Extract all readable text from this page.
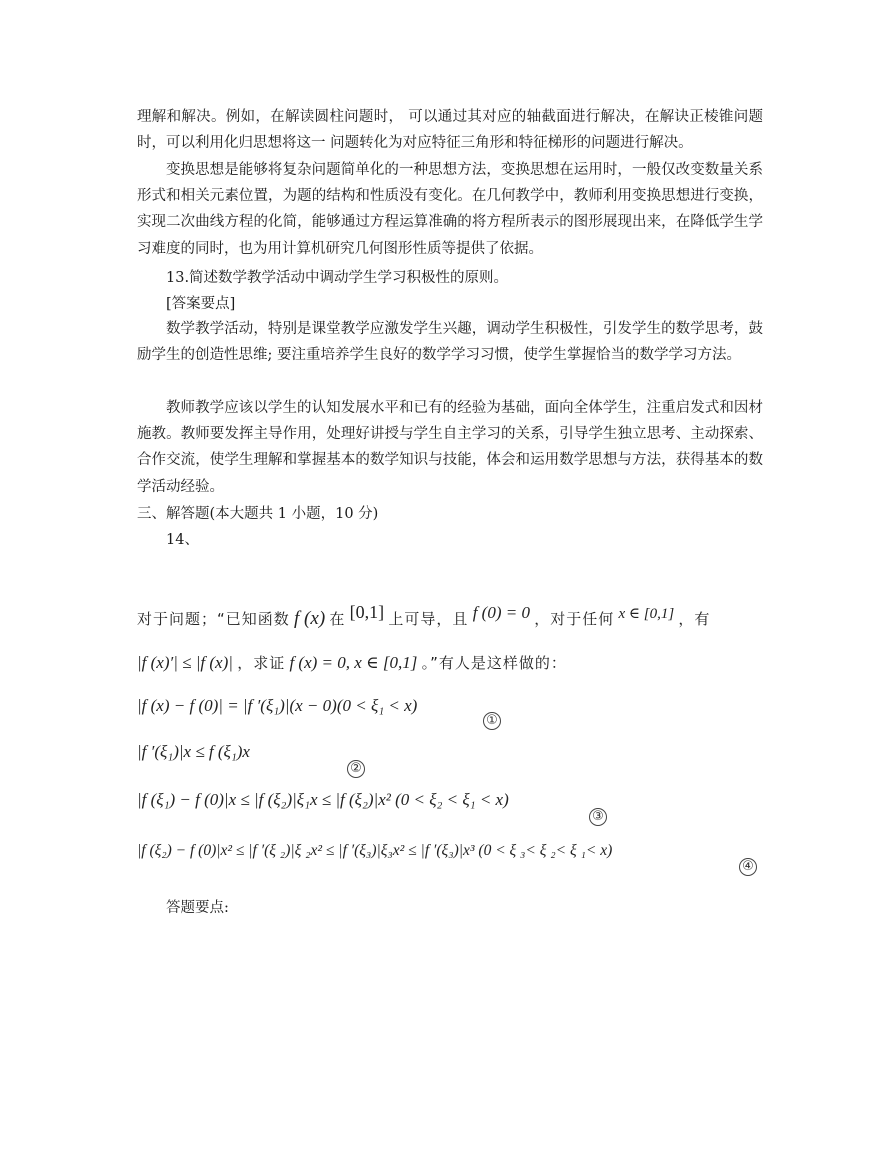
理解和解决。例如，在解读圆柱问题时， 可以通过其对应的轴截面进行解决，在解诀正棱锥问题时，可以利用化归思想将这一 问题转化为对应特征三角形和特征梯形的问题进行解决。

变换思想是能够将复杂问题简单化的一种思想方法，变换思想在运用时，一般仅改变数量关系形式和相关元素位置，为题的结构和性质没有变化。在几何教学中，教师利用变换思想进行变换，实现二次曲线方程的化简，能够通过方程运算准确的将方程所表示的图形展现出来，在降低学生学习难度的同时，也为用计算机研究几何图形性质等提供了依据。

13.简述数学教学活动中调动学生学习积极性的原则。

[答案要点]

数学教学活动，特别是课堂教学应激发学生兴趣，调动学生积极性，引发学生的数学思考，鼓励学生的创造性思维; 要注重培养学生良好的数学学习习惯，使学生掌握恰当的数学学习方法。

教师教学应该以学生的认知发展水平和已有的经验为基础，面向全体学生，注重启发式和因材施教。教师要发挥主导作用，处理好讲授与学生自主学习的关系，引导学生独立思考、主动探索、合作交流，使学生理解和掌握基本的数学知识与技能，体会和运用数学思想与方法，获得基本的数学活动经验。

三、解答题(本大题共 1 小题，10 分)

14、

对于问题；“已知函数 f (x) 在 [0,1] 上可导，且 f (0) = 0 ，对于任何 x ∈ [0,1] ，有
|f (x)′| ≤ |f (x)| ，求证 f (x) = 0, x ∈ [0,1] 。”有人是这样做的：
|f (x) − f (0)| = |f ′(ξ₁)|(x − 0)(0 < ξ₁ < x)
①
|f ′(ξ₁)|x ≤ f (ξ₁)x
②
|f (ξ₁) − f (0)|x ≤ |f (ξ₂)|ξ₁x ≤ |f (ξ₂)|x² (0 < ξ₂ < ξ₁ < x)
③
|f (ξ₂) − f (0)|x² ≤ |f ′(ξ ₂)|ξ ₂x² ≤ |f ′(ξ₃)|ξ₃x² ≤ |f ′(ξ₃)|x³ (0 < ξ ₃< ξ ₂< ξ ₁< x)
④

答题要点:
